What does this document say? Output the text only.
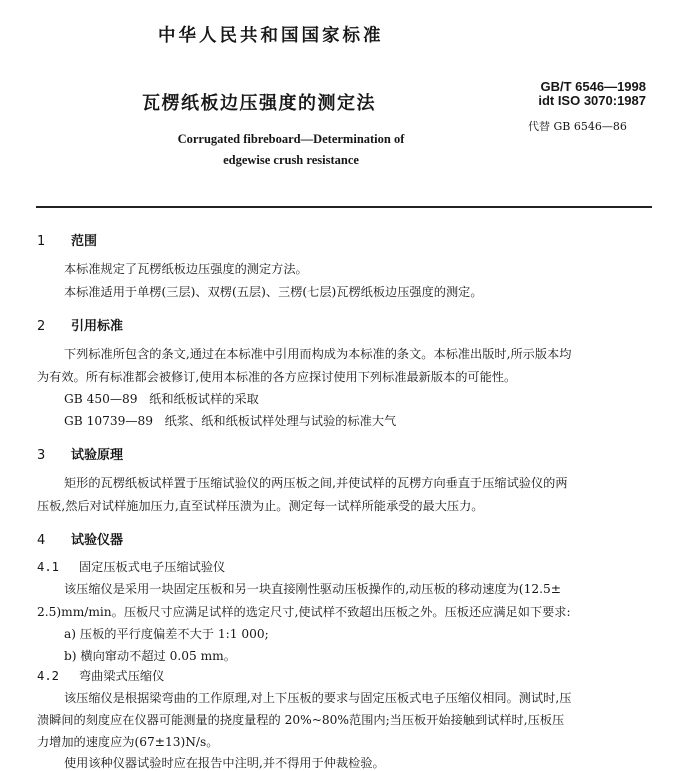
中华人民共和国国家标准
瓦楞纸板边压强度的测定法
GB/T 6546—1998
idt ISO 3070:1987
代替 GB 6546—86
Corrugated fibreboard—Determination of
edgewise crush resistance
1 范围
本标准规定了瓦楞纸板边压强度的测定方法。
本标准适用于单楞(三层)、双楞(五层)、三楞(七层)瓦楞纸板边压强度的测定。
2 引用标准
下列标准所包含的条文,通过在本标准中引用而构成为本标准的条文。本标准出版时,所示版本均
为有效。所有标准都会被修订,使用本标准的各方应探讨使用下列标准最新版本的可能性。
GB 450—89   纸和纸板试样的采取
GB 10739—89   纸浆、纸和纸板试样处理与试验的标准大气
3 试验原理
矩形的瓦楞纸板试样置于压缩试验仪的两压板之间,并使试样的瓦楞方向垂直于压缩试验仪的两
压板,然后对试样施加压力,直至试样压溃为止。测定每一试样所能承受的最大压力。
4 试验仪器
4.1 固定压板式电子压缩试验仪
该压缩仪是采用一块固定压板和另一块直接刚性驱动压板操作的,动压板的移动速度为(12.5±
2.5)mm/min。压板尺寸应满足试样的选定尺寸,使试样不致超出压板之外。压板还应满足如下要求:
a) 压板的平行度偏差不大于 1:1 000;
b) 横向窜动不超过 0.05 mm。
4.2 弯曲梁式压缩仪
该压缩仪是根据梁弯曲的工作原理,对上下压板的要求与固定压板式电子压缩仪相同。测试时,压
溃瞬间的刻度应在仪器可能测量的挠度量程的 20%~80%范围内;当压板开始接触到试样时,压板压
力增加的速度应为(67±13)N/s。
使用该种仪器试验时应在报告中注明,并不得用于仲裁检验。
